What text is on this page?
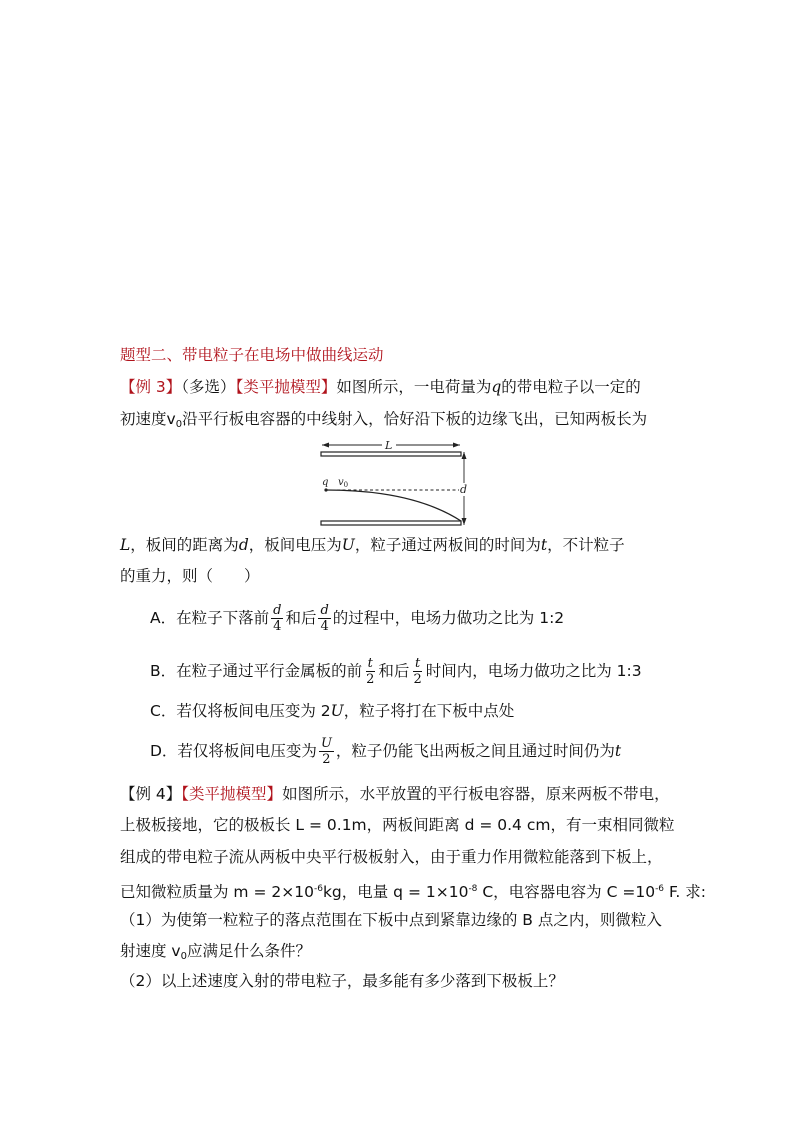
题型二、带电粒子在电场中做曲线运动
【例 3】（多选）【类平抛模型】如图所示，一电荷量为q的带电粒子以一定的
初速度$v_0$沿平行板电容器的中线射入，恰好沿下板的边缘飞出，已知两板长为
L
q $v_0$	d
L，板间的距离为d，板间电压为U，粒子通过两板间的时间为t，不计粒子
的重力，则（　　）
A．在粒子下落前 $\frac{d}{4}$ 和后 $\frac{d}{4}$ 的过程中，电场力做功之比为 1:2
B．在粒子通过平行金属板的前 $\frac{t}{2}$ 和后 $\frac{t}{2}$ 时间内，电场力做功之比为 1:3
C．若仅将板间电压变为 2U，粒子将打在下板中点处
D．若仅将板间电压变为 $\frac{U}{2}$ ，粒子仍能飞出两板之间且通过时间仍为t
【例 4】【类平抛模型】如图所示，水平放置的平行板电容器，原来两板不带电，
上极板接地，它的极板长 L = 0.1m，两板间距离 d = 0.4 cm，有一束相同微粒
组成的带电粒子流从两板中央平行极板射入，由于重力作用微粒能落到下板上，
已知微粒质量为 $m = 2\times 10^{-6}kg$，电量 $q = 1\times 10^{-8}$ C，电容器电容为 $C =10^{-6}$ F. 求:
（1）为使第一粒粒子的落点范围在下板中点到紧靠边缘的 B 点之内，则微粒入
射速度 $v_0$应满足什么条件？
（2）以上述速度入射的带电粒子，最多能有多少落到下极板上？
